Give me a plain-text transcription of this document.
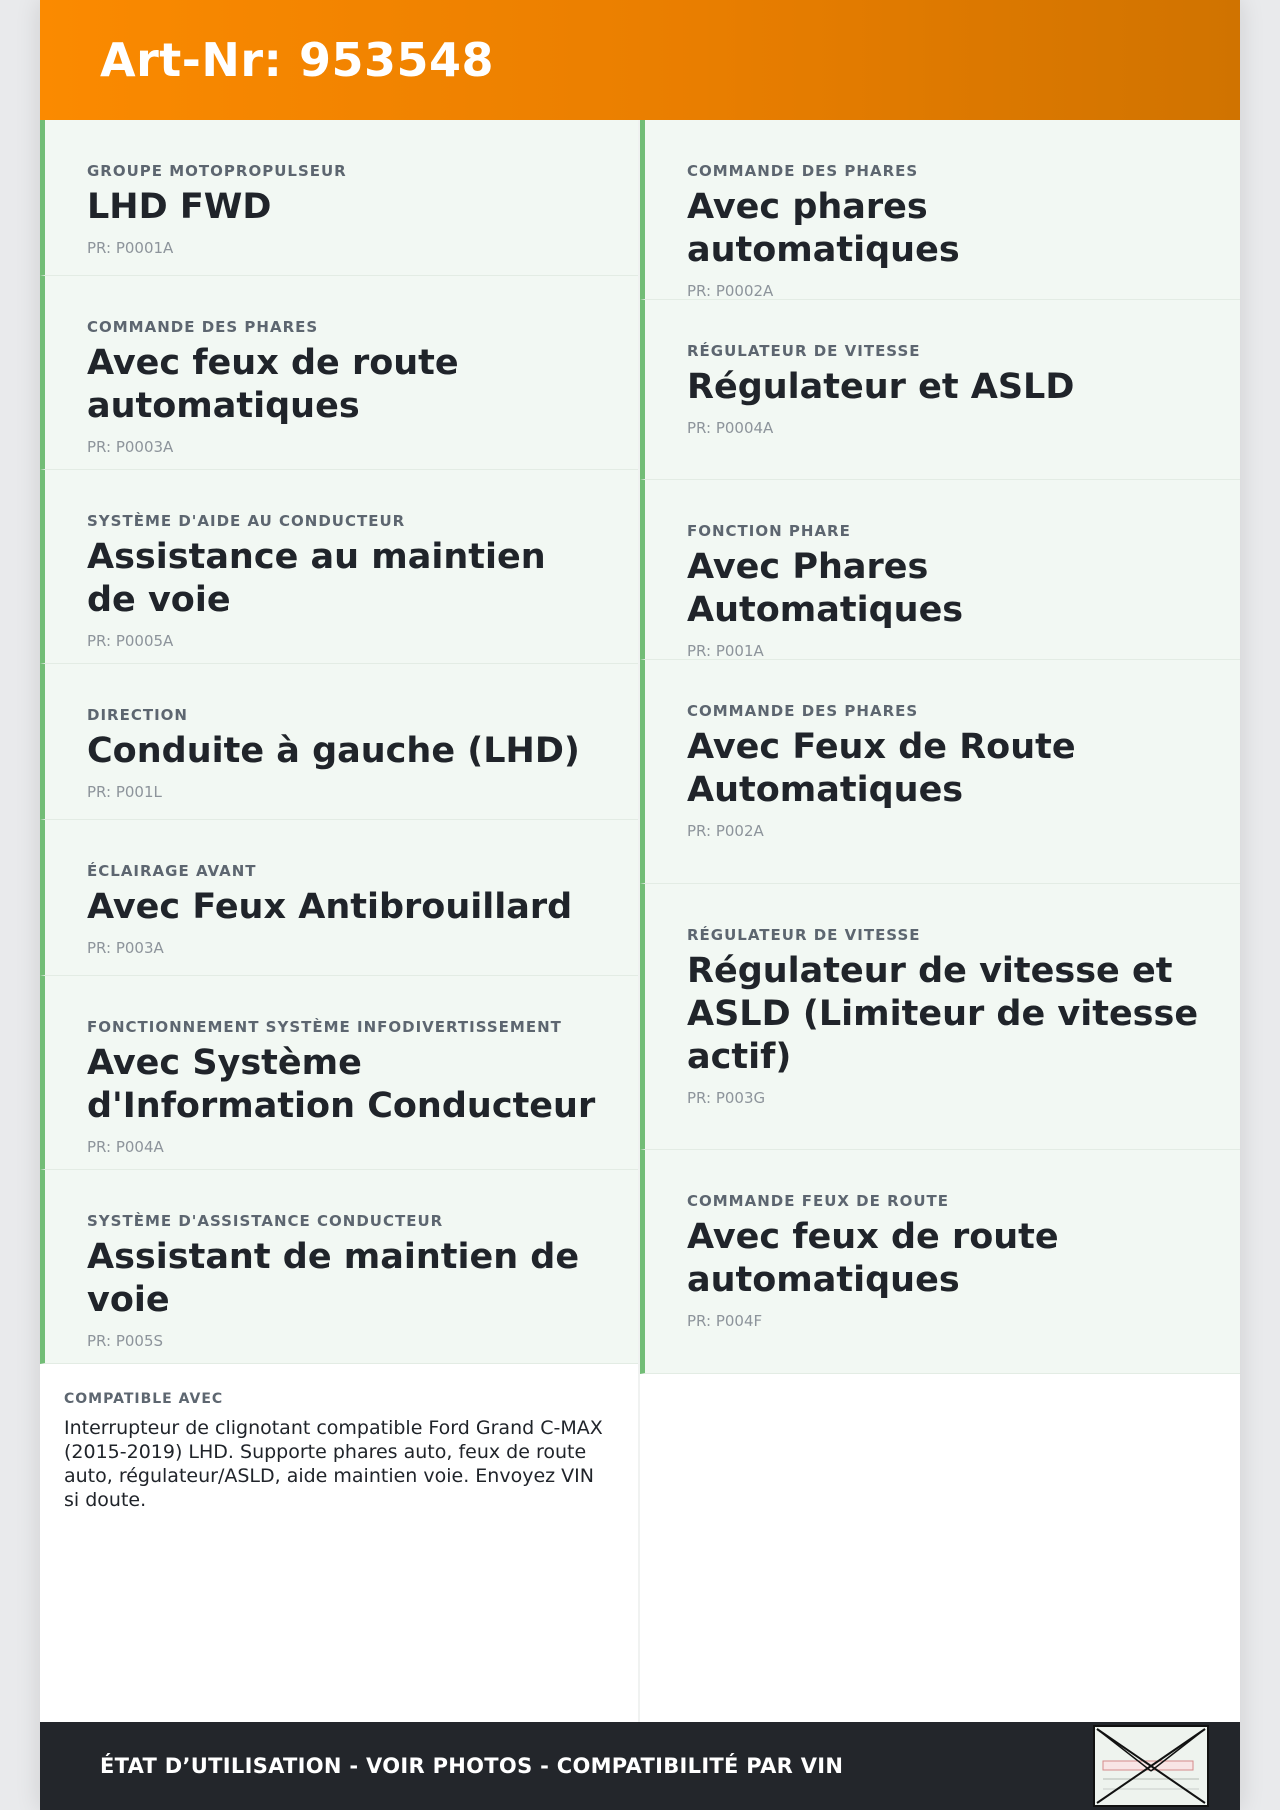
Art-Nr: 953548
GROUPE MOTOPROPULSEUR
LHD FWD
PR: P0001A
COMMANDE DES PHARES
Avec feux de route automatiques
PR: P0003A
SYSTÈME D'AIDE AU CONDUCTEUR
Assistance au maintien de voie
PR: P0005A
DIRECTION
Conduite à gauche (LHD)
PR: P001L
ÉCLAIRAGE AVANT
Avec Feux Antibrouillard
PR: P003A
FONCTIONNEMENT SYSTÈME INFODIVERTISSEMENT
Avec Système d'Information Conducteur
PR: P004A
SYSTÈME D'ASSISTANCE CONDUCTEUR
Assistant de maintien de voie
PR: P005S
COMPATIBLE AVEC
Interrupteur de clignotant compatible Ford Grand C-MAX (2015-2019) LHD. Supporte phares auto, feux de route auto, régulateur/ASLD, aide maintien voie. Envoyez VIN si doute.
COMMANDE DES PHARES
Avec phares automatiques
PR: P0002A
RÉGULATEUR DE VITESSE
Régulateur et ASLD
PR: P0004A
FONCTION PHARE
Avec Phares Automatiques
PR: P001A
COMMANDE DES PHARES
Avec Feux de Route Automatiques
PR: P002A
RÉGULATEUR DE VITESSE
Régulateur de vitesse et ASLD (Limiteur de vitesse actif)
PR: P003G
COMMANDE FEUX DE ROUTE
Avec feux de route automatiques
PR: P004F
ÉTAT D’UTILISATION - VOIR PHOTOS - COMPATIBILITÉ PAR VIN
